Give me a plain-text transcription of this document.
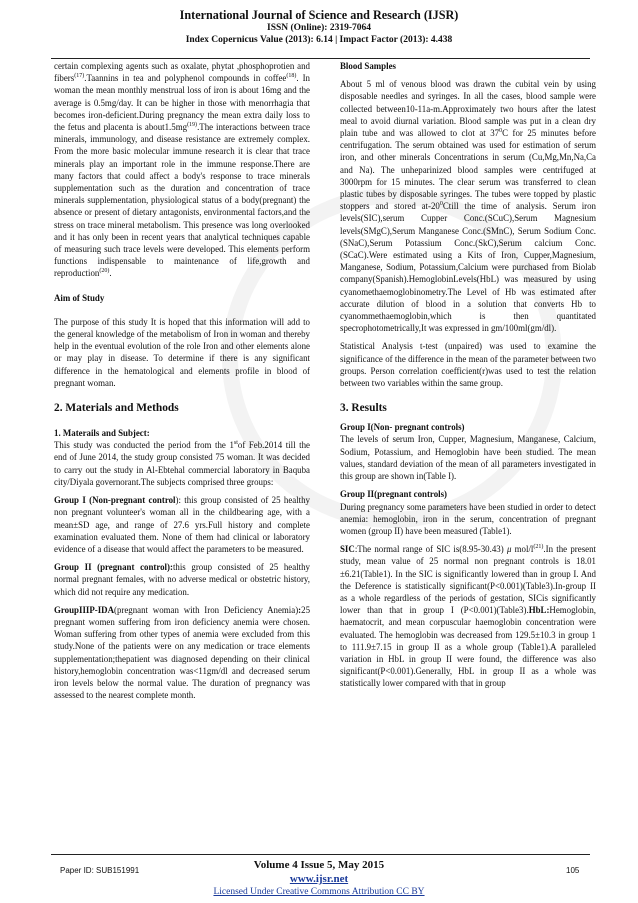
International Journal of Science and Research (IJSR)
ISSN (Online): 2319-7064
Index Copernicus Value (2013): 6.14 | Impact Factor (2013): 4.438

certain complexing agents such as oxalate, phytat ,phosphoprotien and fibers$^{(17)}$.Taannins in tea and polyphenol compounds in coffee$^{(18)}$. In woman the mean monthly menstrual loss of iron is about 16mg and the average is 0.5mg/day. It can be higher in those with menorrhagia that becomes iron-deficient.During pregnancy the mean extra daily loss to the fetus and placenta is $about1.5mg^{(19)}.The$ interactions between trace minerals, immunology, and disease resistance are extremely complex. From the more basic molecular immune research it is clear that trace minerals play an important role in the immune response.There are many factors that could affect a body's response to trace minerals supplementation such as the duration and concentration of trace minerals supplementation, physiological status of a body(pregnant) the absence or present of dietary antagonists, environmental factors,and the stress on trace mineral metabolism. This presence was long overlooked and it has only been in recent years that analytical techniques capable of measuring such trace levels were developed. This elements perform functions indispensable to maintenance of life,growth and reproduction$^{(20)}$.

Aim of Study

The purpose of this study It is hoped that this information will add to the general knowledge of the metabolism of Iron in woman and thereby help in the eventual evolution of the role Iron and other elements alone or may play in disease. To determine if there is any significant difference in the hematological and elements profile in blood of pregnant woman.

2. Materials and Methods

1. Materails and Subject:

This study was conducted the period from the 1stof Feb.2014 till the end of June 2014, the study group consisted 75 woman. It was decided to carry out the study in Al-Ebtehal commercial laboratory in Baquba city/Diyala governorant.The subjects comprised three groups:

Group I (Non-pregnant control): this group consisted of 25 healthy non pregnant volunteer's woman all in the childbearing age, with a mean±SD age, and range of 27.6 yrs.Full history and complete examination evaluated them. None of them had clinical or laboratory evidence of a disease that would affect the parameters to be measured.

Group II (pregnant control):this group consisted of 25 healthy normal pregnant females, with no adverse medical or obstetric history, which did not require any medication.

GroupIIIP-IDA(pregnant woman with Iron Deficiency Anemia):25 pregnant women suffering from iron deficiency anemia were chosen. Woman suffering from other types of anemia were excluded from this study.None of the patients were on any medication or trace elements supplementation;thepatient was diagnosed depending on their clinical history,hemoglobin concentration was<11gm/dl and decreased serum iron levels below the normal value. The duration of pregnancy was assessed to the nearest complete month.

Blood Samples

About 5 ml of venous blood was drawn the cubital vein by using disposable needles and syringes. In all the cases, blood sample were collected between10-11a-m.Approximately two hours after the latest meal to avoid diurnal variation. Blood sample was put in a clean dry plain tube and was allowed to clot at $37^0C$ for 25 minutes before centrifugation. The serum obtained was used for estimation of serum iron, and other minerals Concentrations in serum (Cu,Mg,Mn,Na,Ca and Na). The unheparinized blood samples were centrifuged at 3000rpm for 15 minutes. The clear serum was transferred to clean plastic tubes by disposable syringes. The tubes were topped by plastic stoppers and stored $at-20^0Ctill$ the time of analysis. Serum iron levels(SIC),serum Cupper Conc.(SCuC),Serum Magnesium levels(SMgC),Serum Manganese Conc.(SMnC), Serum Sodium Conc.(SNaC),Serum Potassium Conc.(SkC),Serum calcium Conc.(SCaC).Were estimated using a Kits of Iron, Cupper,Magnesium, Manganese, Sodium, Potassium,Calcium were purchased from Biolab company(Spanish).HemoglobinLevels(HbL) was measured by using cyanomethaemoglobinometry.The Level of Hb was estimated after accurate dilution of blood in a solution that converts Hb to cyanommethaemoglobin,which is then quantitated specrophotometrically,It was expressed in gm/100ml(gm/dl).

Statistical Analysis t-test (unpaired) was used to examine the significance of the difference in the mean of the parameter between two groups. Person correlation coefficient(r)was used to test the relation between two variables within the same group.

3. Results

Group I(Non- pregnant controls)

The levels of serum Iron, Cupper, Magnesium, Manganese, Calcium, Sodium, Potassium, and Hemoglobin have been studied. The mean values, standard deviation of the mean of all parameters investigated in this group are shown in(Table I).

Group II(pregnant controls)

During pregnancy some parameters have been studied in order to detect anemia: hemoglobin, iron in the serum, concentration of pregnant women (group II) have been measured (Table1).

SIC:The normal range of SIC is(8.95-30.43) μ mol/$l^{(21)}.In$ the present study, mean value of 25 normal non pregnant controls is 18.01 ±6.21(Table1). In the SIC is significantly lowered than in group I. And the Deference is statistically significant(P<0.001)(Table3).In-group II as a whole regardless of the periods of gestation, SICis significantly lower than that in group I (P<0.001)(Table3).HbL:Hemoglobin, haematocrit, and mean corpuscular haemoglobin concentration were evaluated. The hemoglobin was decreased from 129.5±10.3 in group 1 to 111.9±7.15 in group II as a whole group (Table1).A paralleled variation in HbL in group II were found, the difference was also significant(P<0.001).Generally, HbL in group II as a whole was statistically lower compared with that in group

Volume 4 Issue 5, May 2015
www.ijsr.net
Licensed Under Creative Commons Attribution CC BY
Paper ID: SUB151991	105
